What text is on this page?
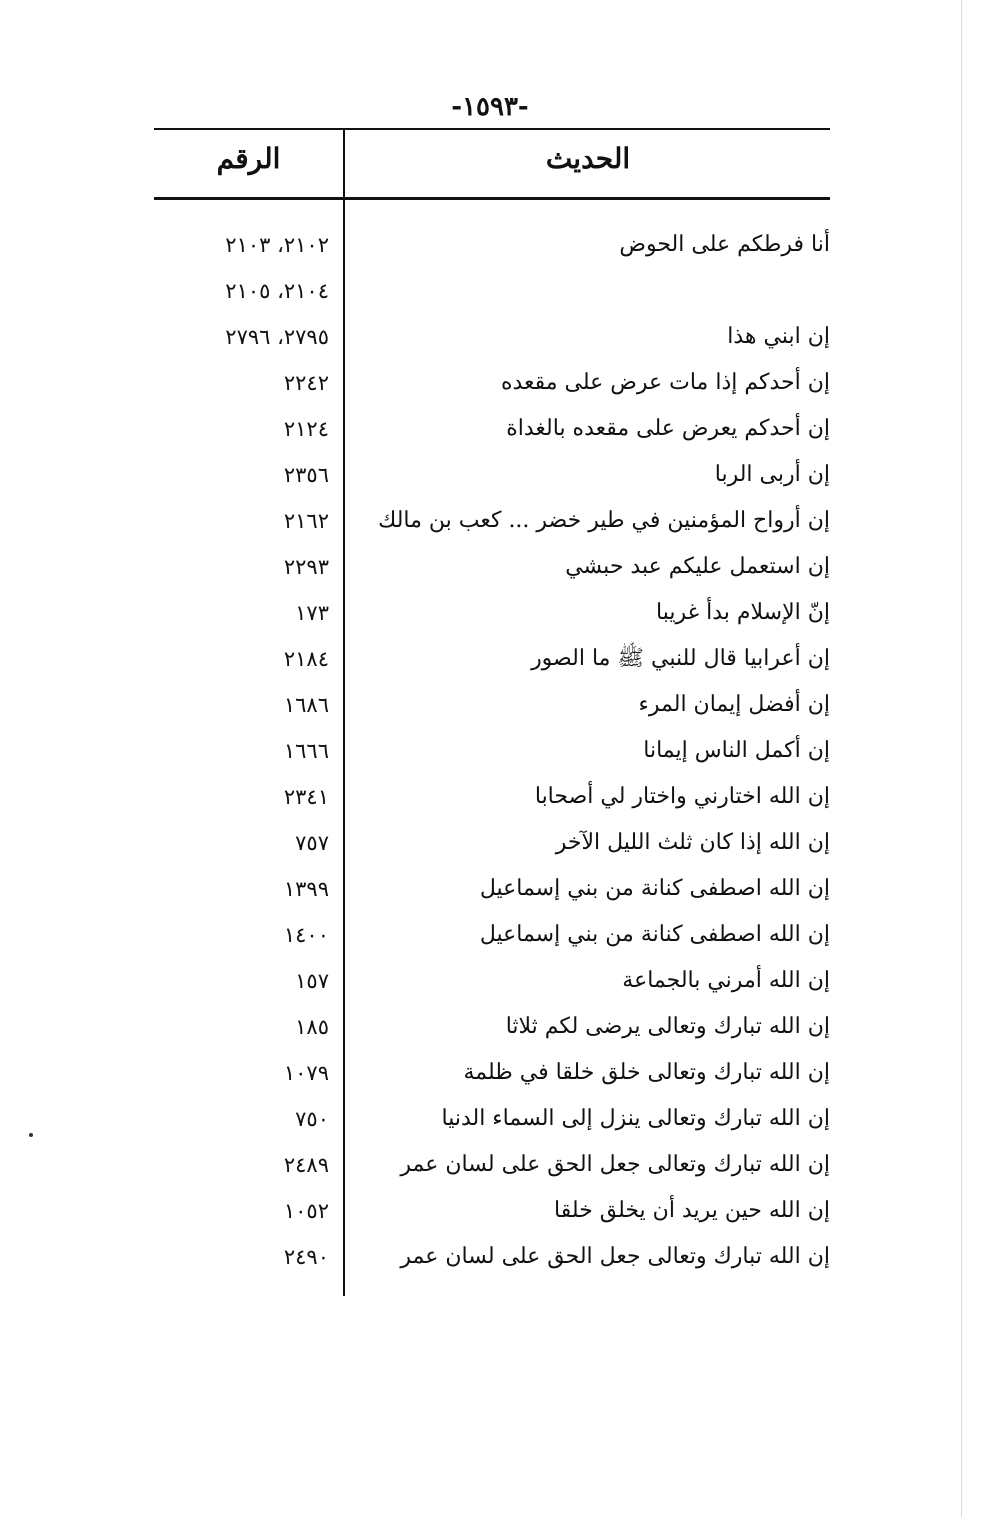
-١٥٩٣-
الحديث
الرقم
أنا فرطكم على الحوض
٢١٠٢، ٢١٠٣
٢١٠٤، ٢١٠٥
إن ابني هذا
٢٧٩٥، ٢٧٩٦
إن أحدكم إذا مات عرض على مقعده
٢٢٤٢
إن أحدكم يعرض على مقعده بالغداة
٢١٢٤
إن أربى الربا
٢٣٥٦
إن أرواح المؤمنين في طير خضر ... كعب بن مالك
٢١٦٢
إن استعمل عليكم عبد حبشي
٢٢٩٣
إنّ الإسلام بدأ غريبا
١٧٣
إن أعرابيا قال للنبي ﷺ ما الصور
٢١٨٤
إن أفضل إيمان المرء
١٦٨٦
إن أكمل الناس إيمانا
١٦٦٦
إن الله اختارني واختار لي أصحابا
٢٣٤١
إن الله إذا كان ثلث الليل الآخر
٧٥٧
إن الله اصطفى كنانة من بني إسماعيل
١٣٩٩
إن الله اصطفى كنانة من بني إسماعيل
١٤٠٠
إن الله أمرني بالجماعة
١٥٧
إن الله تبارك وتعالى يرضى لكم ثلاثا
١٨٥
إن الله تبارك وتعالى خلق خلقا في ظلمة
١٠٧٩
إن الله تبارك وتعالى ينزل إلى السماء الدنيا
٧٥٠
إن الله تبارك وتعالى جعل الحق على لسان عمر
٢٤٨٩
إن الله حين يريد أن يخلق خلقا
١٠٥٢
إن الله تبارك وتعالى جعل الحق على لسان عمر
٢٤٩٠
